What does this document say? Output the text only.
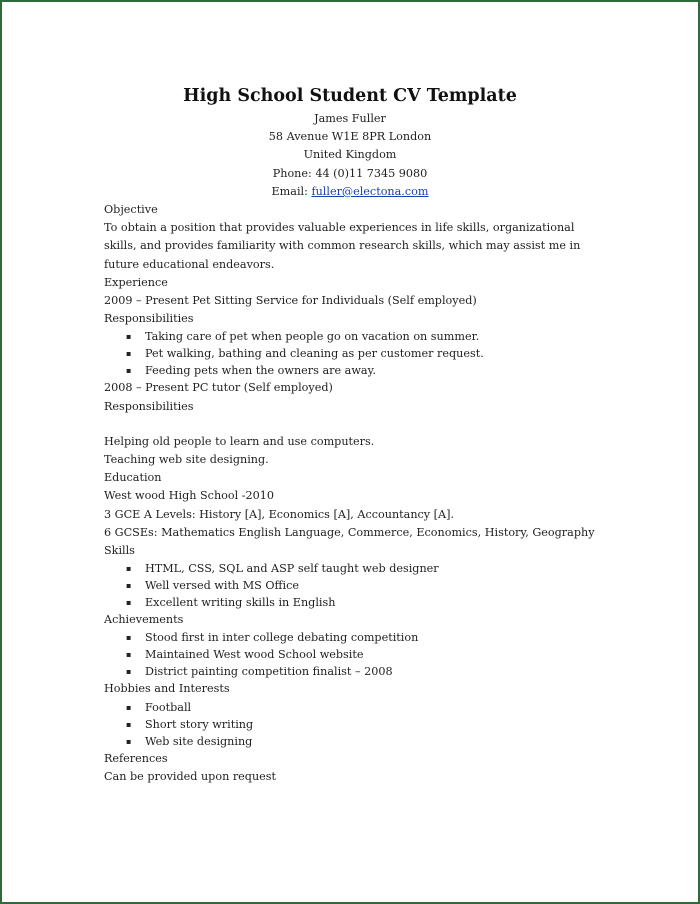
High School Student CV Template
James Fuller
58 Avenue W1E 8PR London
United Kingdom
Phone: 44 (0)11 7345 9080
Email: fuller@electona.com
Objective
To obtain a position that provides valuable experiences in life skills, organizational skills, and provides familiarity with common research skills, which may assist me in future educational endeavors.
Experience
2009 – Present Pet Sitting Service for Individuals (Self employed)
Responsibilities
▪ Taking care of pet when people go on vacation on summer.
▪ Pet walking, bathing and cleaning as per customer request.
▪ Feeding pets when the owners are away.
2008 – Present PC tutor (Self employed)
Responsibilities
Helping old people to learn and use computers.
Teaching web site designing.
Education
West wood High School -2010
3 GCE A Levels: History [A], Economics [A], Accountancy [A].
6 GCSEs: Mathematics English Language, Commerce, Economics, History, Geography
Skills
▪ HTML, CSS, SQL and ASP self taught web designer
▪ Well versed with MS Office
▪ Excellent writing skills in English
Achievements
▪ Stood first in inter college debating competition
▪ Maintained West wood School website
▪ District painting competition finalist – 2008
Hobbies and Interests
▪ Football
▪ Short story writing
▪ Web site designing
References
Can be provided upon request
